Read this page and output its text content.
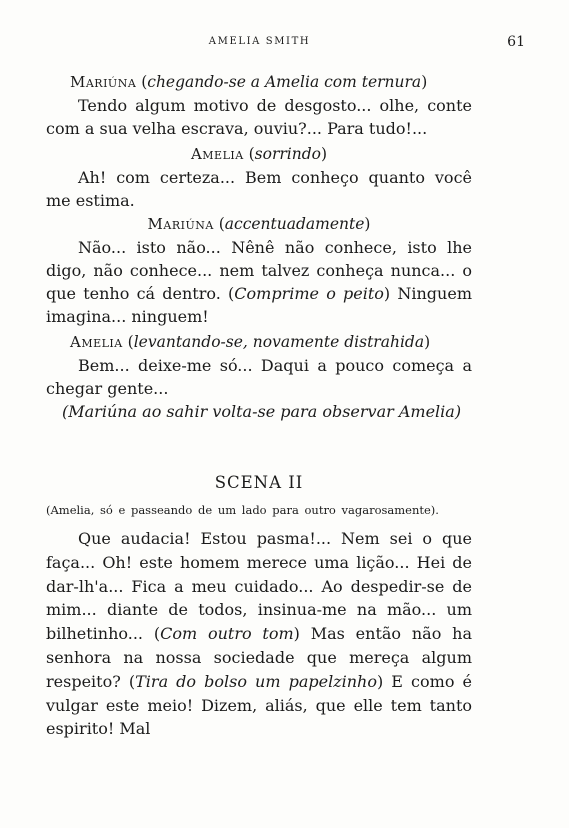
AMELIA SMITH	61

Mariúna (chegando-se a Amelia com ternura)

Tendo algum motivo de desgosto... olhe, conte com a sua velha escrava, ouviu?... Para tudo!...

Amelia (sorrindo)

Ah! com certeza... Bem conheço quanto você me estima.

Mariúna (accentuadamente)

Não... isto não... Nênê não conhece, isto lhe digo, não conhece... nem talvez conheça nunca... o que tenho cá dentro. (Comprime o peito) Ninguem imagina... ninguem!

Amelia (levantando-se, novamente distrahida)

Bem... deixe-me só... Daqui a pouco começa a chegar gente...

(Mariúna ao sahir volta-se para observar Amelia)

SCENA II

(Amelia, só e passeando de um lado para outro vagarosamente).

Que audacia! Estou pasma!... Nem sei o que faça... Oh! este homem merece uma lição... Hei de dar-lh'a... Fica a meu cuidado... Ao despedir-se de mim... diante de todos, insinua-me na mão... um bilhetinho... (Com outro tom) Mas então não ha senhora na nossa sociedade que mereça algum respeito? (Tira do bolso um papelzinho) E como é vulgar este meio! Dizem, aliás, que elle tem tanto espirito! Mal
